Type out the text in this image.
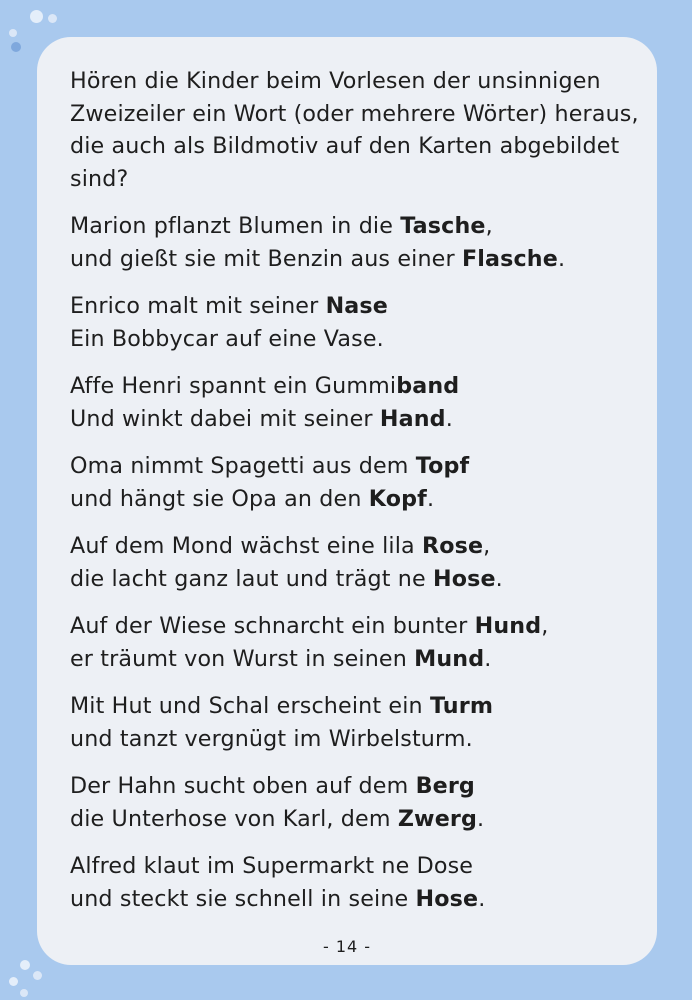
Hören die Kinder beim Vorlesen der unsinnigen
Zweizeiler ein Wort (oder mehrere Wörter) heraus,
die auch als Bildmotiv auf den Karten abgebildet
sind?
Marion pflanzt Blumen in die Tasche,
und gießt sie mit Benzin aus einer Flasche.
Enrico malt mit seiner Nase
Ein Bobbycar auf eine Vase.
Affe Henri spannt ein Gummiband
Und winkt dabei mit seiner Hand.
Oma nimmt Spagetti aus dem Topf
und hängt sie Opa an den Kopf.
Auf dem Mond wächst eine lila Rose,
die lacht ganz laut und trägt ne Hose.
Auf der Wiese schnarcht ein bunter Hund,
er träumt von Wurst in seinen Mund.
Mit Hut und Schal erscheint ein Turm
und tanzt vergnügt im Wirbelsturm.
Der Hahn sucht oben auf dem Berg
die Unterhose von Karl, dem Zwerg.
Alfred klaut im Supermarkt ne Dose
und steckt sie schnell in seine Hose.
- 14 -
